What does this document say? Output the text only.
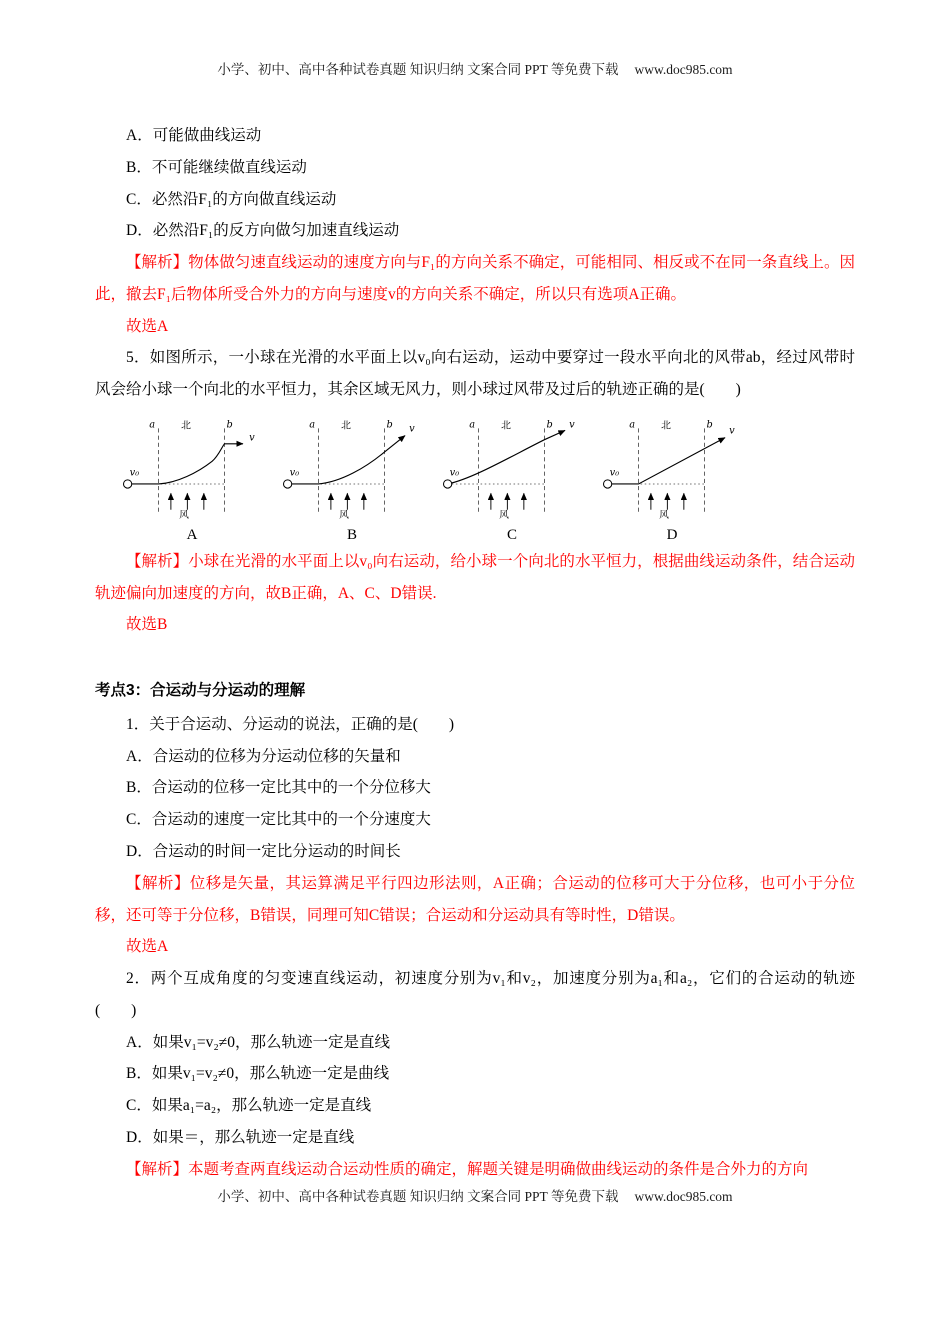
小学、初中、高中各种试卷真题 知识归纳 文案合同 PPT 等免费下载 www.doc985.com

A．可能做曲线运动

B．不可能继续做直线运动

C．必然沿F₁的方向做直线运动

D．必然沿F₁的反方向做匀加速直线运动

【解析】物体做匀速直线运动的速度方向与F₁的方向关系不确定，可能相同、相反或不在同一条直线上。因此，撤去F₁后物体所受合外力的方向与速度v的方向关系不确定，所以只有选项A正确。

故选A

5．如图所示，一小球在光滑的水平面上以v₀向右运动，运动中要穿过一段水平向北的风带ab，经过风带时风会给小球一个向北的水平恒力，其余区域无风力，则小球过风带及过后的轨迹正确的是(　　)

v₀
a	北	b
v
风
A
v₀
a	北	b v
风
B
v₀
a	北	b v
风
C
v₀
a	北	b
v
风
D

【解析】小球在光滑的水平面上以v₀向右运动，给小球一个向北的水平恒力，根据曲线运动条件，结合运动轨迹偏向加速度的方向，故B正确，A、C、D错误.

故选B

考点3：合运动与分运动的理解

1．关于合运动、分运动的说法，正确的是(　　)

A．合运动的位移为分运动位移的矢量和

B．合运动的位移一定比其中的一个分位移大

C．合运动的速度一定比其中的一个分速度大

D．合运动的时间一定比分运动的时间长

【解析】位移是矢量，其运算满足平行四边形法则，A正确；合运动的位移可大于分位移，也可小于分位移，还可等于分位移，B错误，同理可知C错误；合运动和分运动具有等时性，D错误。

故选A

2．两个互成角度的匀变速直线运动，初速度分别为v₁和v₂，加速度分别为a₁和a₂，它们的合运动的轨迹(　　)

A．如果v₁=v₂≠0，那么轨迹一定是直线

B．如果v₁=v₂≠0，那么轨迹一定是曲线

C．如果a₁=a₂，那么轨迹一定是直线

D．如果＝，那么轨迹一定是直线

【解析】本题考查两直线运动合运动性质的确定，解题关键是明确做曲线运动的条件是合外力的方向

小学、初中、高中各种试卷真题 知识归纳 文案合同 PPT 等免费下载 www.doc985.com
